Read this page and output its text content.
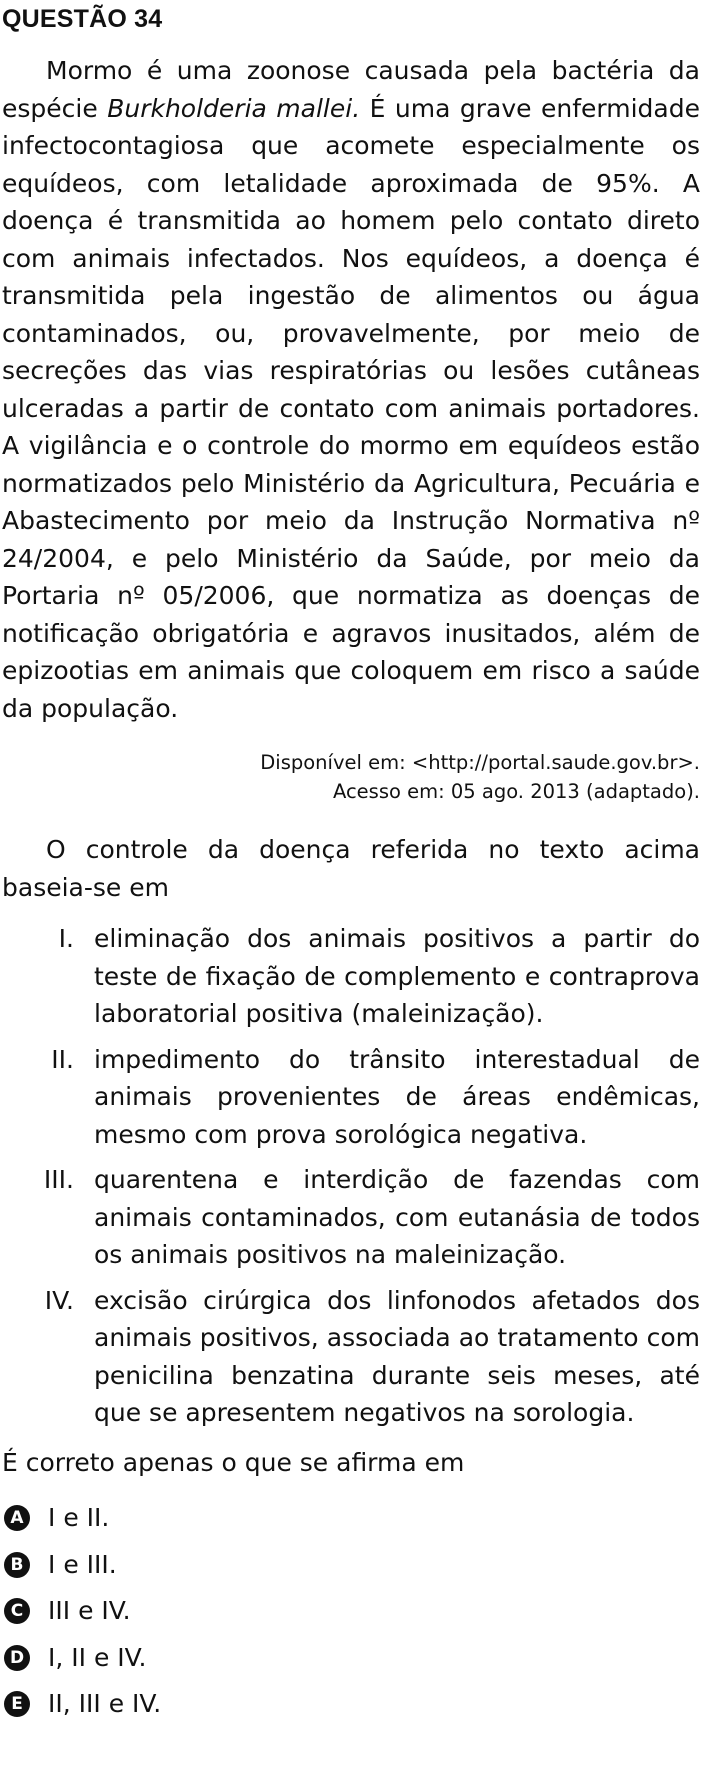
QUESTÃO 34
Mormo é uma zoonose causada pela bactéria da espécie Burkholderia mallei. É uma grave enfermidade infectocontagiosa que acomete especialmente os equídeos, com letalidade aproximada de 95%. A doença é transmitida ao homem pelo contato direto com animais infectados. Nos equídeos, a doença é transmitida pela ingestão de alimentos ou água contaminados, ou, provavelmente, por meio de secreções das vias respiratórias ou lesões cutâneas ulceradas a partir de contato com animais portadores. A vigilância e o controle do mormo em equídeos estão normatizados pelo Ministério da Agricultura, Pecuária e Abastecimento por meio da Instrução Normativa nº 24/2004, e pelo Ministério da Saúde, por meio da Portaria nº 05/2006, que normatiza as doenças de notificação obrigatória e agravos inusitados, além de epizootias em animais que coloquem em risco a saúde da população.
Disponível em: <http://portal.saude.gov.br>.
Acesso em: 05 ago. 2013 (adaptado).
O controle da doença referida no texto acima baseia-se em
I. eliminação dos animais positivos a partir do teste de fixação de complemento e contraprova laboratorial positiva (maleinização).
II. impedimento do trânsito interestadual de animais provenientes de áreas endêmicas, mesmo com prova sorológica negativa.
III. quarentena e interdição de fazendas com animais contaminados, com eutanásia de todos os animais positivos na maleinização.
IV. excisão cirúrgica dos linfonodos afetados dos animais positivos, associada ao tratamento com penicilina benzatina durante seis meses, até que se apresentem negativos na sorologia.
É correto apenas o que se afirma em
A I e II.
B I e III.
C III e IV.
D I, II e IV.
E II, III e IV.
